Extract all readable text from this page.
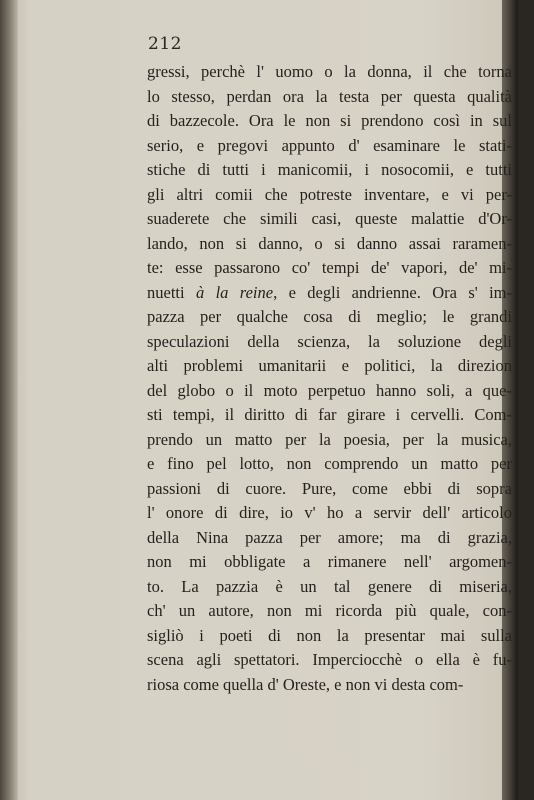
212
gressi, perchè l' uomo o la donna, il che torna
lo stesso, perdan ora la testa per questa qualità
di bazzecole. Ora le non si prendono così in sul
serio, e pregovi appunto d' esaminare le stati-
stiche di tutti i manicomii, i nosocomii, e tutti
gli altri comii che potreste inventare, e vi per-
suaderete che simili casi, queste malattie d'Or-
lando, non si danno, o si danno assai raramen-
te: esse passarono co' tempi de' vapori, de' mi-
nuetti à la reine, e degli andrienne. Ora s' im-
pazza per qualche cosa di meglio; le grandi
speculazioni della scienza, la soluzione degli
alti problemi umanitarii e politici, la direzion
del globo o il moto perpetuo hanno soli, a que-
sti tempi, il diritto di far girare i cervelli. Com-
prendo un matto per la poesia, per la musica,
e fino pel lotto, non comprendo un matto per
passioni di cuore. Pure, come ebbi di sopra
l' onore di dire, io v' ho a servir dell' articolo
della Nina pazza per amore; ma di grazia,
non mi obbligate a rimanere nell' argomen-
to. La pazzia è un tal genere di miseria,
ch' un autore, non mi ricorda più quale, con-
sigliò i poeti di non la presentar mai sulla
scena agli spettatori. Imperciocchè o ella è fu-
riosa come quella d' Oreste, e non vi desta com-
